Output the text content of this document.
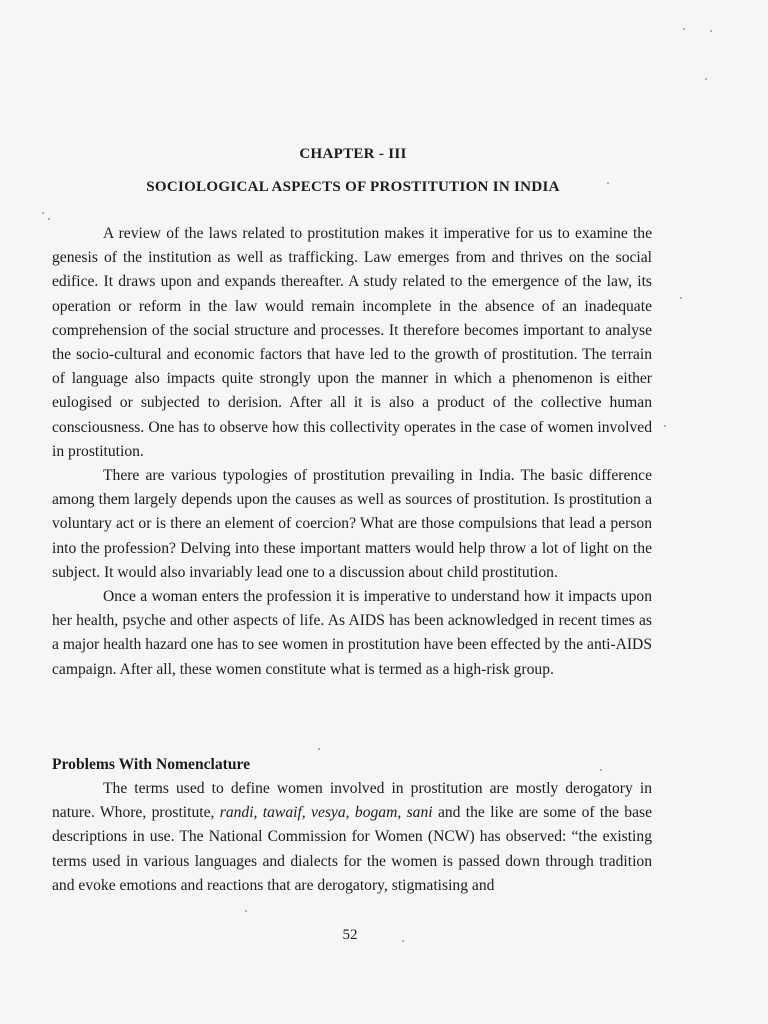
CHAPTER - III
SOCIOLOGICAL ASPECTS OF PROSTITUTION IN INDIA

A review of the laws related to prostitution makes it imperative for us to examine the genesis of the institution as well as trafficking. Law emerges from and thrives on the social edifice. It draws upon and expands thereafter. A study related to the emergence of the law, its operation or reform in the law would remain incomplete in the absence of an inadequate comprehension of the social structure and processes. It therefore becomes important to analyse the socio-cultural and economic factors that have led to the growth of prostitution. The terrain of language also impacts quite strongly upon the manner in which a phenomenon is either eulogised or subjected to derision. After all it is also a product of the collective human consciousness. One has to observe how this collectivity operates in the case of women involved in prostitution.

There are various typologies of prostitution prevailing in India. The basic difference among them largely depends upon the causes as well as sources of prostitution. Is prostitution a voluntary act or is there an element of coercion? What are those compulsions that lead a person into the profession? Delving into these important matters would help throw a lot of light on the subject. It would also invariably lead one to a discussion about child prostitution.

Once a woman enters the profession it is imperative to understand how it impacts upon her health, psyche and other aspects of life. As AIDS has been acknowledged in recent times as a major health hazard one has to see women in prostitution have been effected by the anti-AIDS campaign. After all, these women constitute what is termed as a high-risk group.

Problems With Nomenclature

The terms used to define women involved in prostitution are mostly derogatory in nature. Whore, prostitute, randi, tawaif, vesya, bogam, sani and the like are some of the base descriptions in use. The National Commission for Women (NCW) has observed: “the existing terms used in various languages and dialects for the women is passed down through tradition and evoke emotions and reactions that are derogatory, stigmatising and

52
